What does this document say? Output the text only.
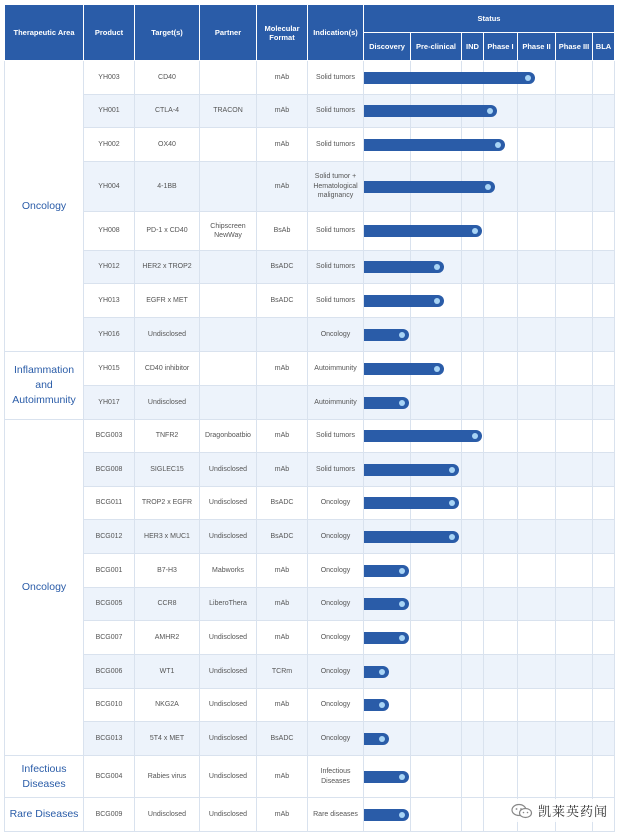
Therapeutic Area	Product	Target(s)	Partner	Molecular Format	Indication(s)	Status						
						Discovery	Pre-clinical	IND	Phase I	Phase II	Phase III	BLA
Oncology	YH003	CD40		mAb	Solid tumors	

	YH001	CTLA-4	TRACON	mAb	Solid tumors	

	YH002	OX40		mAb	Solid tumors	

	YH004	4-1BB		mAb	Solid tumor +
Hematological
malignancy	

	YH008	PD-1 x CD40	Chipscreen
NewWay	BsAb	Solid tumors	

	YH012	HER2 x TROP2		BsADC	Solid tumors	

	YH013	EGFR x MET		BsADC	Solid tumors	

	YH016	Undisclosed			Oncology	

Inflammation
and
Autoimmunity	YH015	CD40 inhibitor		mAb	Autoimmunity	

	YH017	Undisclosed			Autoimmunity	

Oncology	BCG003	TNFR2	Dragonboatbio	mAb	Solid tumors	

	BCG008	SIGLEC15	Undisclosed	mAb	Solid tumors	

	BCG011	TROP2 x EGFR	Undisclosed	BsADC	Oncology	

	BCG012	HER3 x MUC1	Undisclosed	BsADC	Oncology	

	BCG001	B7-H3	Mabworks	mAb	Oncology	

	BCG005	CCR8	LiberoThera	mAb	Oncology	

	BCG007	AMHR2	Undisclosed	mAb	Oncology	

	BCG006	WT1	Undisclosed	TCRm	Oncology	

	BCG010	NKG2A	Undisclosed	mAb	Oncology	

	BCG013	5T4 x MET	Undisclosed	BsADC	Oncology	

Infectious
Diseases	BCG004	Rabies virus	Undisclosed	mAb	Infectious
Diseases	

Rare Diseases	BCG009	Undisclosed	Undisclosed	mAb	Rare diseases	
							凯莱英药闻
